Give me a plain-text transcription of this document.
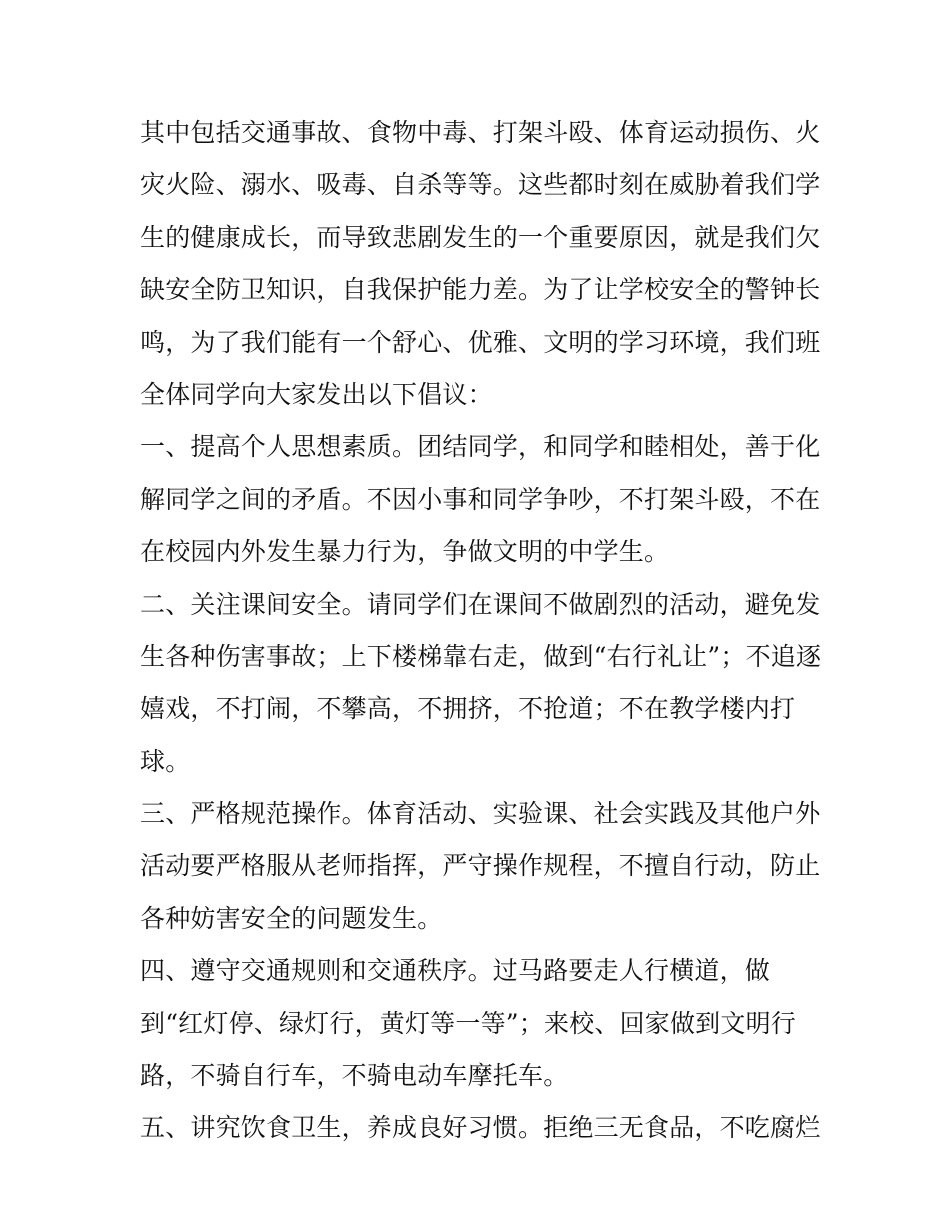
其中包括交通事故、食物中毒、打架斗殴、体育运动损伤、火
灾火险、溺水、吸毒、自杀等等。这些都时刻在威胁着我们学
生的健康成长，而导致悲剧发生的一个重要原因，就是我们欠
缺安全防卫知识，自我保护能力差。为了让学校安全的警钟长
鸣，为了我们能有一个舒心、优雅、文明的学习环境，我们班
全体同学向大家发出以下倡议：
一、提高个人思想素质。团结同学，和同学和睦相处，善于化
解同学之间的矛盾。不因小事和同学争吵，不打架斗殴，不在
在校园内外发生暴力行为，争做文明的中学生。
二、关注课间安全。请同学们在课间不做剧烈的活动，避免发
生各种伤害事故；上下楼梯靠右走，做到“右行礼让”；不追逐
嬉戏，不打闹，不攀高，不拥挤，不抢道；不在教学楼内打
球。
三、严格规范操作。体育活动、实验课、社会实践及其他户外
活动要严格服从老师指挥，严守操作规程，不擅自行动，防止
各种妨害安全的问题发生。
四、遵守交通规则和交通秩序。过马路要走人行横道，做
到“红灯停、绿灯行，黄灯等一等”；来校、回家做到文明行
路，不骑自行车，不骑电动车摩托车。
五、讲究饮食卫生，养成良好习惯。拒绝三无食品，不吃腐烂
